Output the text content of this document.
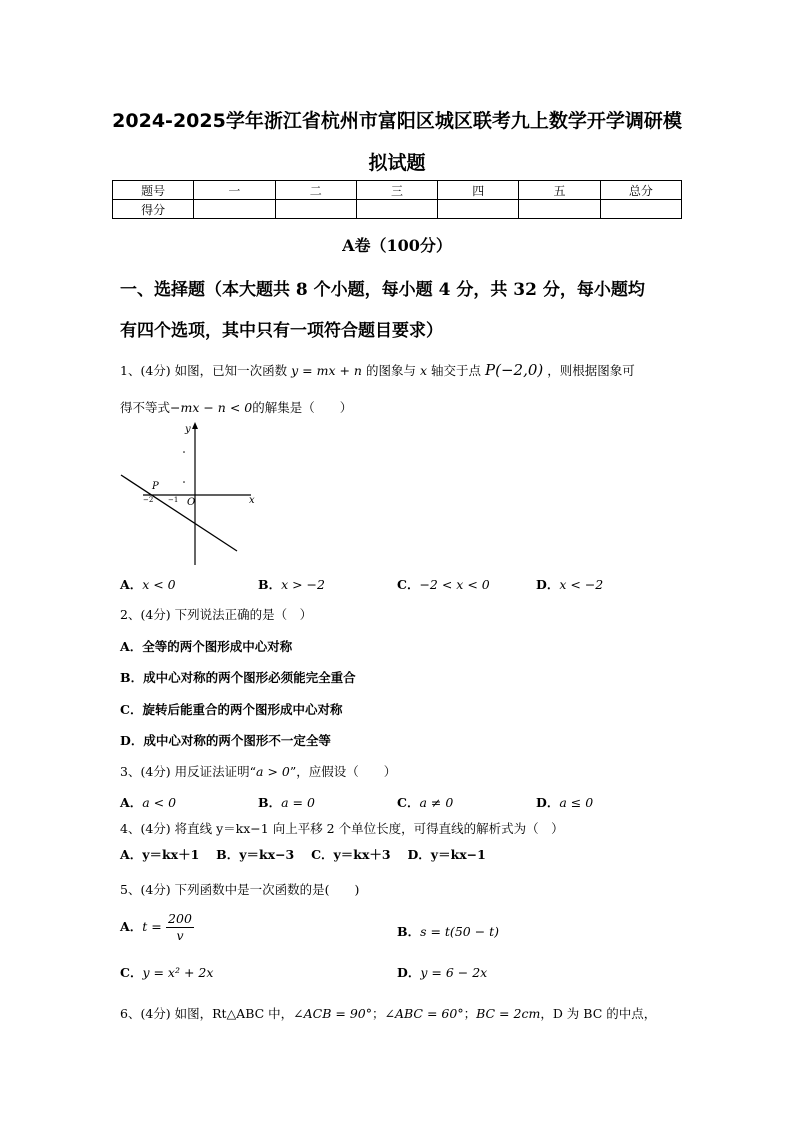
2024-2025学年浙江省杭州市富阳区城区联考九上数学开学调研模
拟试题
题号	一	二	三	四	五	总分
得分						
A卷（100分）
一、选择题（本大题共 8 个小题，每小题 4 分，共 32 分，每小题均
有四个选项，其中只有一项符合题目要求）
1、(4分) 如图，已知一次函数 y = mx + n 的图象与 x 轴交于点 P(−2,0) ，则根据图象可
得不等式−mx − n < 0的解集是（　　）
y
x
P
O
−2 −1
A．x < 0	B．x > −2	C．−2 < x < 0	D．x < −2
2、(4分) 下列说法正确的是（　）
A．全等的两个图形成中心对称
B．成中心对称的两个图形必须能完全重合
C．旋转后能重合的两个图形成中心对称
D．成中心对称的两个图形不一定全等
3、(4分) 用反证法证明“a > 0”，应假设（　　）
A．a < 0	B．a = 0	C．a ≠ 0	D．a ≤ 0
4、(4分) 将直线 y＝kx−1 向上平移 2 个单位长度，可得直线的解析式为（　）
A．y＝kx＋1　 B．y＝kx−3　 C．y＝kx＋3　 D．y＝kx−1
5、(4分) 下列函数中是一次函数的是(　　)
A．$t = \frac{200}{v}$	B．s = t(50 − t)
C．y = x² + 2x	D．y = 6 − 2x
6、(4分) 如图，Rt△ABC 中，∠ACB = 90°；∠ABC = 60°；BC = 2cm，D 为 BC 的中点，
